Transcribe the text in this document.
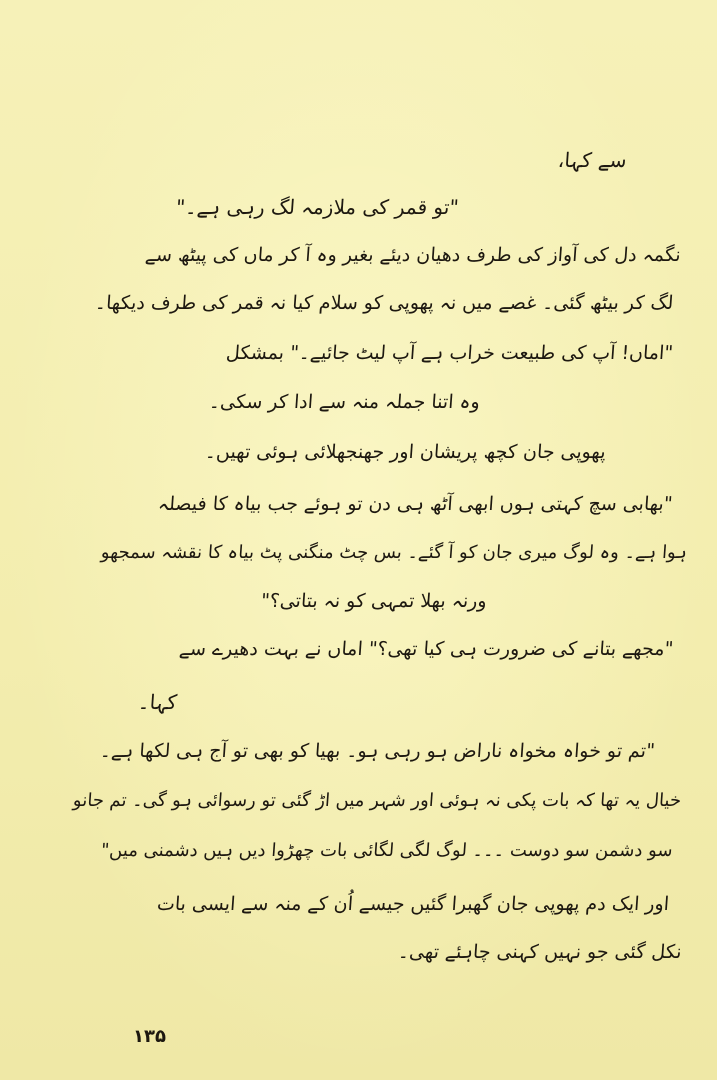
سے کہا،
"تو قمر کی ملازمہ لگ رہی ہے۔"
نگمہ دل کی آواز کی طرف دھیان دیئے بغیر وہ آ کر ماں کی پیٹھ سے
لگ کر بیٹھ گئی۔ غصے میں نہ پھوپی کو سلام کیا نہ قمر کی طرف دیکھا۔
"اماں! آپ کی طبیعت خراب ہے آپ لیٹ جائیے۔" بمشکل
وہ اتنا جملہ منہ سے ادا کر سکی۔
پھوپی جان کچھ پریشان اور جھنجھلائی ہوئی تھیں۔
"بھابی سچ کہتی ہوں ابھی آٹھ ہی دن تو ہوئے جب بیاہ کا فیصلہ
ہوا ہے۔ وہ لوگ میری جان کو آ گئے۔ بس چٹ منگنی پٹ بیاہ کا نقشہ سمجھو
ورنہ بھلا تمہی کو نہ بتاتی؟"
"مجھے بتانے کی ضرورت ہی کیا تھی؟" اماں نے بہت دھیرے سے
کہا۔
"تم تو خواہ مخواہ ناراض ہو رہی ہو۔ بھیا کو بھی تو آج ہی لکھا ہے۔
خیال یہ تھا کہ بات پکی نہ ہوئی اور شہر میں اڑ گئی تو رسوائی ہو گی۔ تم جانو
سو دشمن سو دوست ۔۔۔ لوگ لگی لگائی بات چھڑوا دیں ہیں دشمنی میں"
اور ایک دم پھوپی جان گھبرا گئیں جیسے اُن کے منہ سے ایسی بات
نکل گئی جو نہیں کہنی چاہئے تھی۔
۱۳۵
